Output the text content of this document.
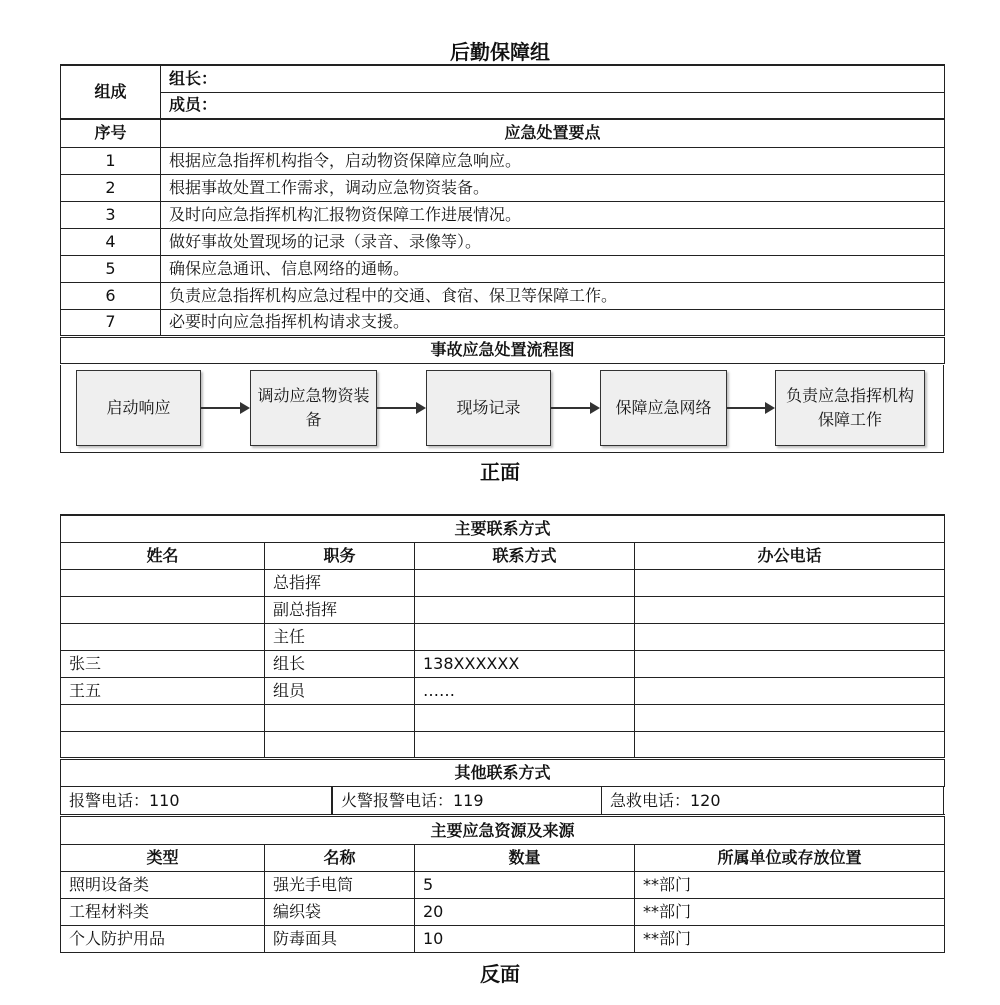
后勤保障组
组成	组长：
	成员：
序号	应急处置要点
1	根据应急指挥机构指令，启动物资保障应急响应。
2	根据事故处置工作需求，调动应急物资装备。
3	及时向应急指挥机构汇报物资保障工作进展情况。
4	做好事故处置现场的记录（录音、录像等）。
5	确保应急通讯、信息网络的通畅。
6	负责应急指挥机构应急过程中的交通、食宿、保卫等保障工作。
7	必要时向应急指挥机构请求支援。
事故应急处置流程图	
启动响应
调动应急物资装备
现场记录	保障应急网络
负责应急指挥机构保障工作
正面
主要联系方式			
姓名	职务	联系方式	办公电话
	总指挥		
	副总指挥		
	主任		
张三	组长	138XXXXXX	
王五	组员	……	

其他联系方式			
报警电话：110	火警报警电话：119	急救电话：120
主要应急资源及来源			
类型	名称	数量	所属单位或存放位置
照明设备类	强光手电筒	5	**部门
工程材料类	编织袋	20	**部门
个人防护用品	防毒面具	10	**部门
反面
